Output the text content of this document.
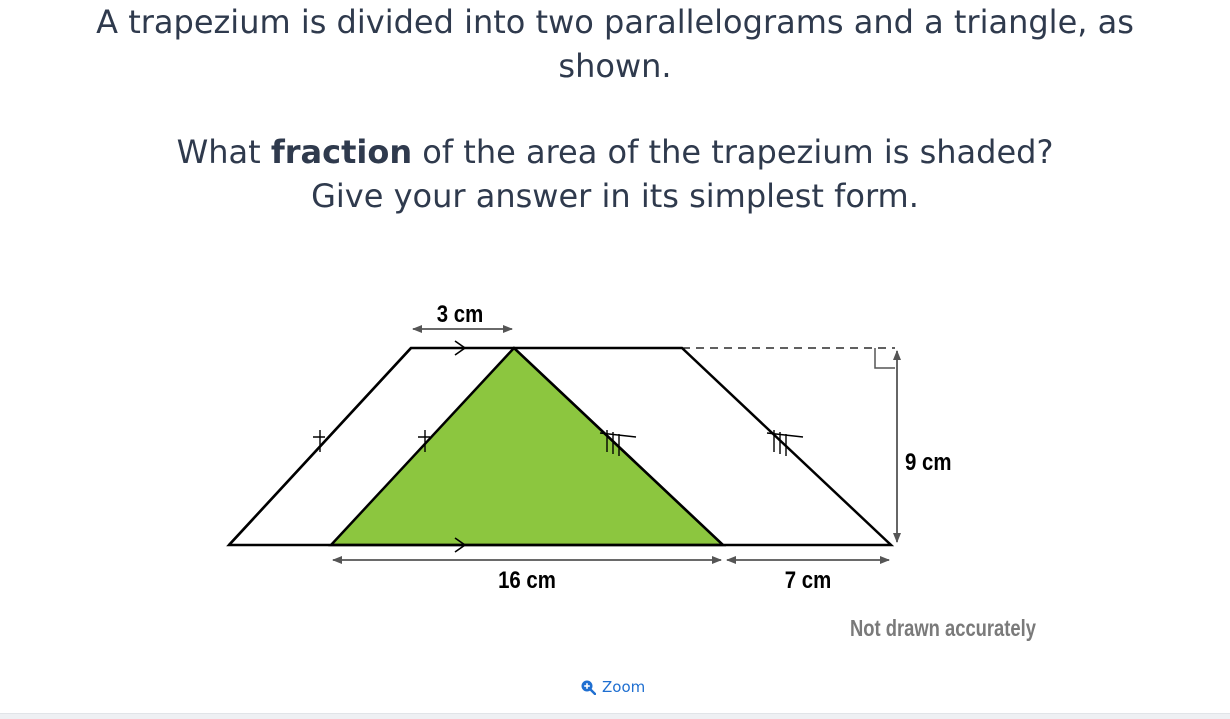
A trapezium is divided into two parallelograms and a triangle, as shown.
What fraction of the area of the trapezium is shaded?
Give your answer in its simplest form.
3 cm
16 cm	7 cm
9 cm
Not drawn accurately
Zoom
